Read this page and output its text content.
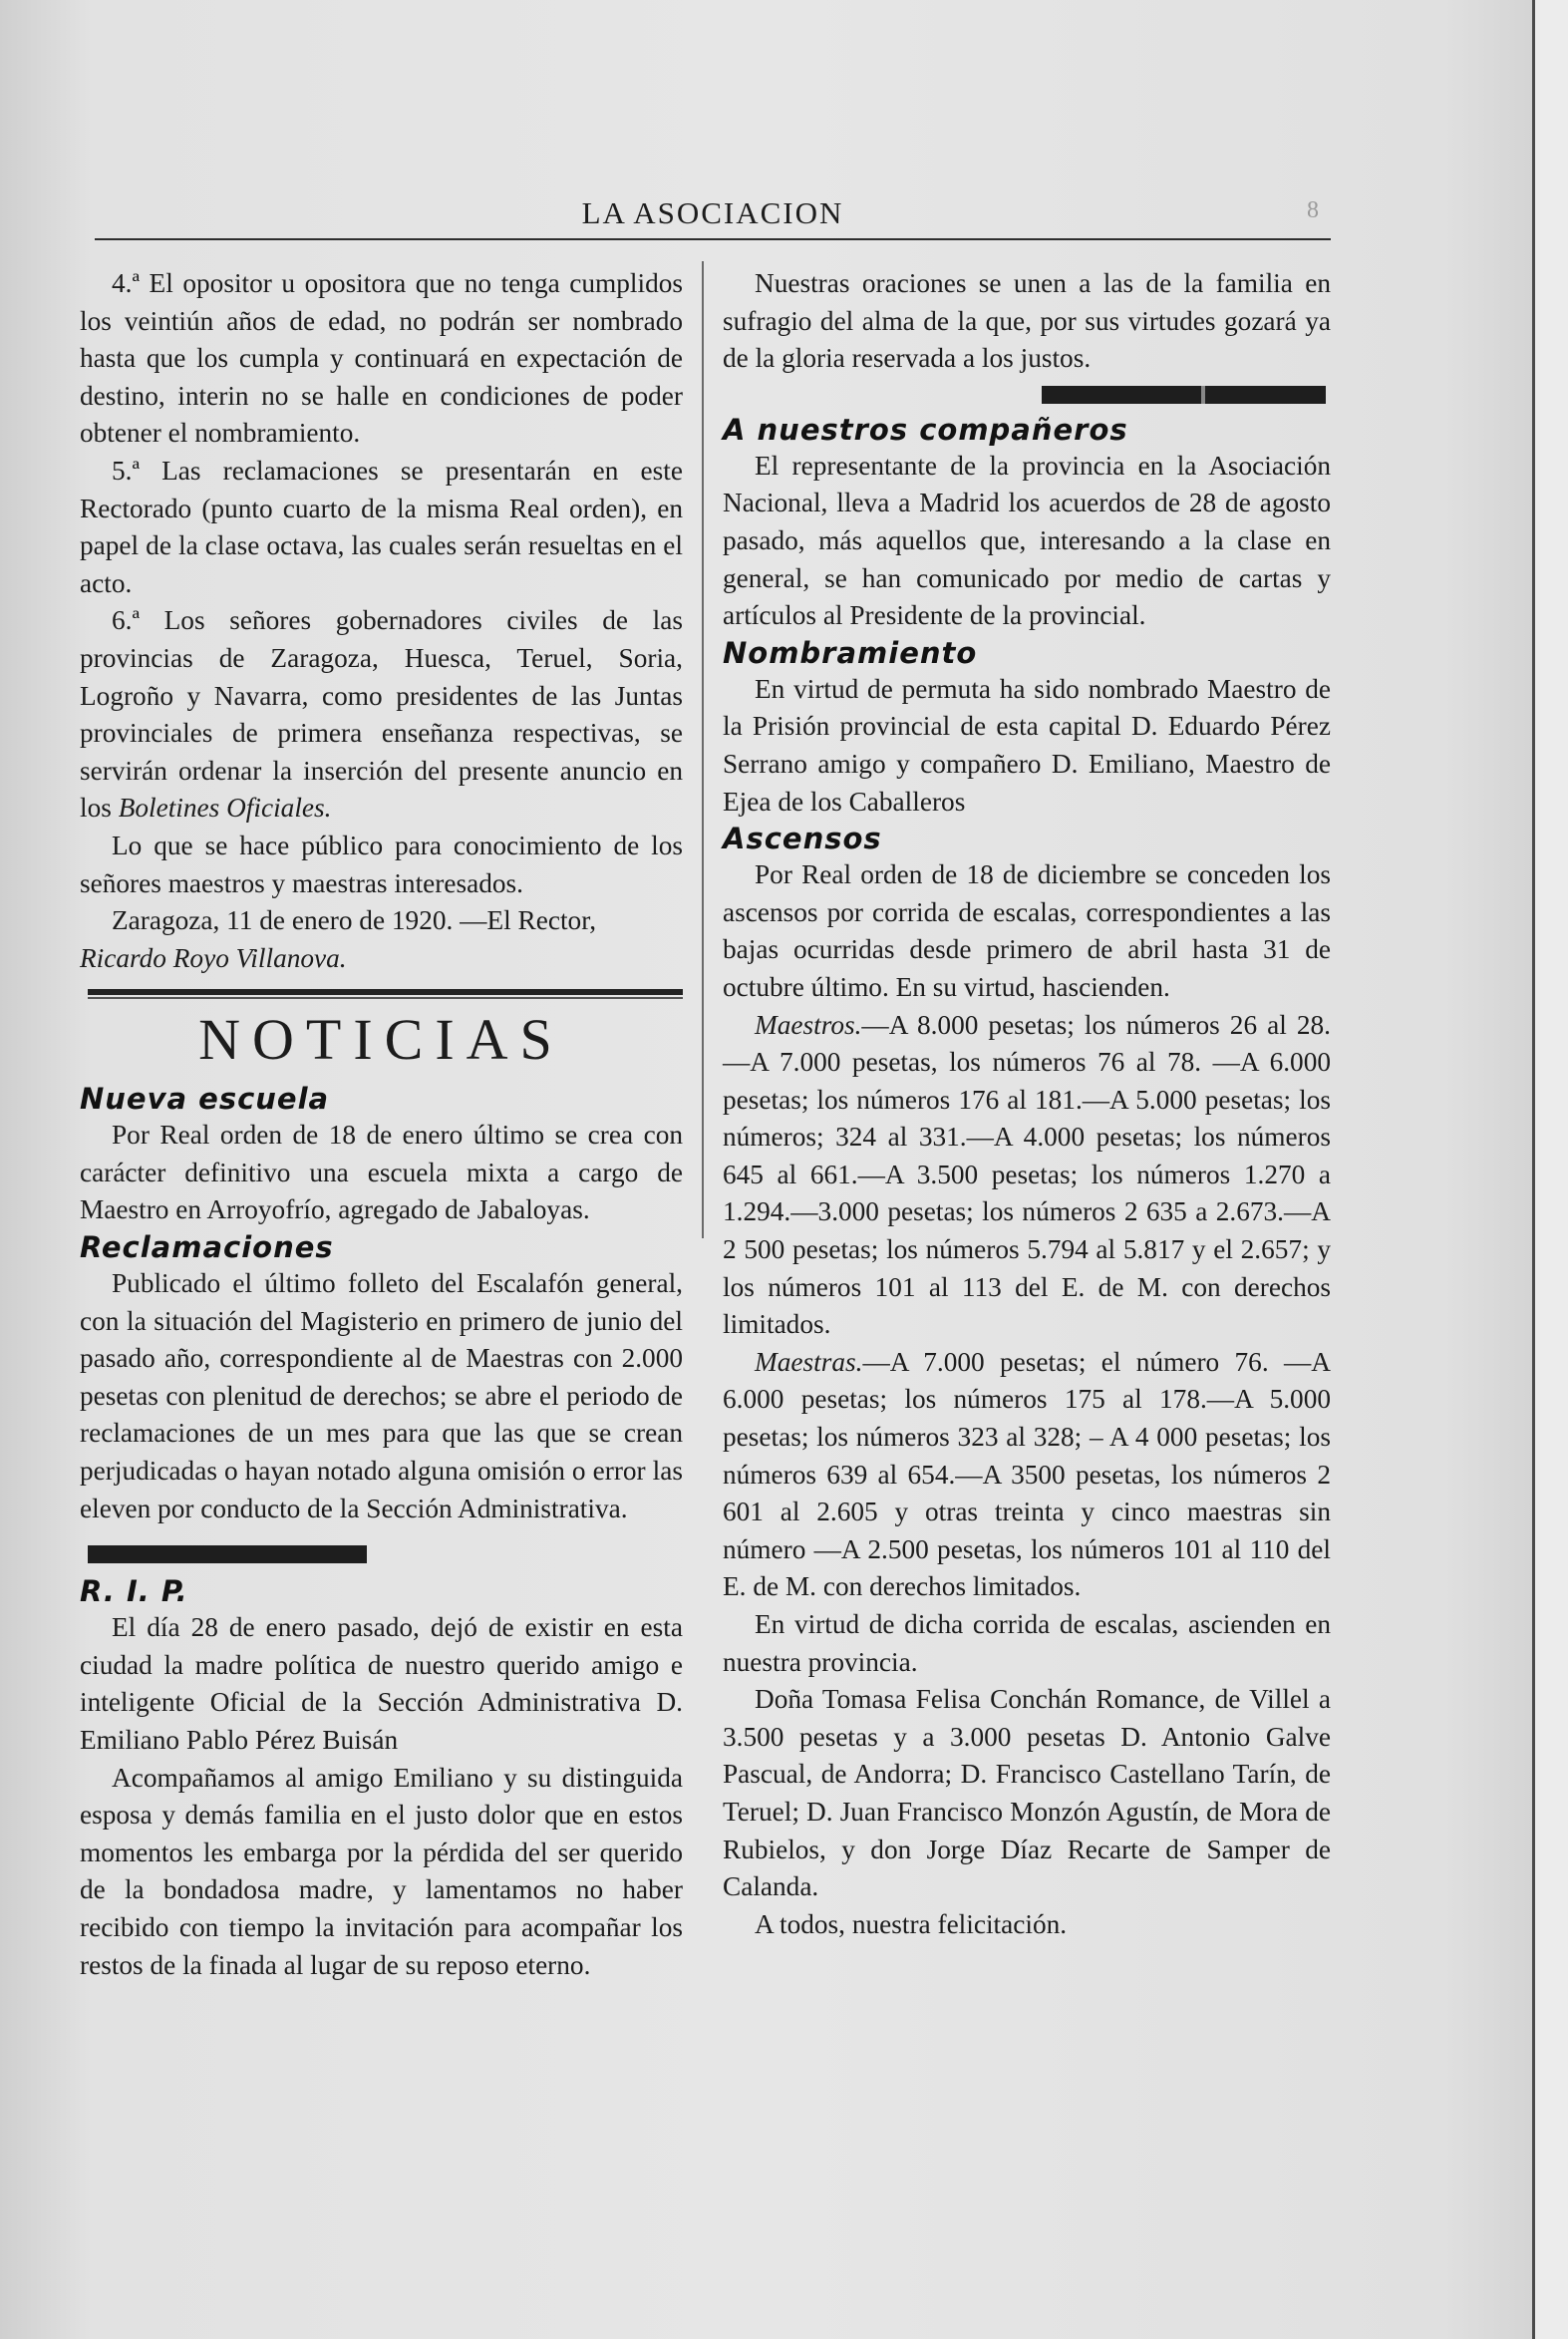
LA ASOCIACION	8

4.ª El opositor u opositora que no tenga cumplidos los veintiún años de edad, no podrán ser nombrado hasta que los cumpla y continuará en expectación de destino, interin no se halle en condiciones de poder obtener el nombramiento.

5.ª Las reclamaciones se presentarán en este Rectorado (punto cuarto de la misma Real orden), en papel de la clase octava, las cuales serán resueltas en el acto.

6.ª Los señores gobernadores civiles de las provincias de Zaragoza, Huesca, Teruel, Soria, Logroño y Navarra, como presidentes de las Juntas provinciales de primera enseñanza respectivas, se servirán ordenar la inserción del presente anuncio en los Boletines Oficiales.

Lo que se hace público para conocimiento de los señores maestros y maestras interesados.

Zaragoza, 11 de enero de 1920. —El Rector,

Ricardo Royo Villanova.

NOTICIAS
Nueva escuela

Por Real orden de 18 de enero último se crea con carácter definitivo una escuela mixta a cargo de Maestro en Arroyofrío, agregado de Jabaloyas.

Reclamaciones

Publicado el último folleto del Escalafón general, con la situación del Magisterio en primero de junio del pasado año, correspondiente al de Maestras con 2.000 pesetas con plenitud de derechos; se abre el periodo de reclamaciones de un mes para que las que se crean perjudicadas o hayan notado alguna omisión o error las eleven por conducto de la Sección Administrativa.

R. I. P.

El día 28 de enero pasado, dejó de existir en esta ciudad la madre política de nuestro querido amigo e inteligente Oficial de la Sección Administrativa D. Emiliano Pablo Pérez Buisán

Acompañamos al amigo Emiliano y su distinguida esposa y demás familia en el justo dolor que en estos momentos les embarga por la pérdida del ser querido de la bondadosa madre, y lamentamos no haber recibido con tiempo la invitación para acompañar los restos de la finada al lugar de su reposo eterno.

Nuestras oraciones se unen a las de la familia en sufragio del alma de la que, por sus virtudes gozará ya de la gloria reservada a los justos.

A nuestros compañeros

El representante de la provincia en la Asociación Nacional, lleva a Madrid los acuerdos de 28 de agosto pasado, más aquellos que, interesando a la clase en general, se han comunicado por medio de cartas y artículos al Presidente de la provincial.

Nombramiento

En virtud de permuta ha sido nombrado Maestro de la Prisión provincial de esta capital D. Eduardo Pérez Serrano amigo y compañero D. Emiliano, Maestro de Ejea de los Caballeros

Ascensos

Por Real orden de 18 de diciembre se conceden los ascensos por corrida de escalas, correspondientes a las bajas ocurridas desde primero de abril hasta 31 de octubre último. En su virtud, hascienden.

Maestros.—A 8.000 pesetas; los números 26 al 28.—A 7.000 pesetas, los números 76 al 78. —A 6.000 pesetas; los números 176 al 181.—A 5.000 pesetas; los números; 324 al 331.—A 4.000 pesetas; los números 645 al 661.—A 3.500 pesetas; los números 1.270 a 1.294.—3.000 pesetas; los números 2 635 a 2.673.—A 2 500 pesetas; los números 5.794 al 5.817 y el 2.657; y los números 101 al 113 del E. de M. con derechos limitados.

Maestras.—A 7.000 pesetas; el número 76. —A 6.000 pesetas; los números 175 al 178.—A 5.000 pesetas; los números 323 al 328; – A 4 000 pesetas; los números 639 al 654.—A 3500 pesetas, los números 2 601 al 2.605 y otras treinta y cinco maestras sin número —A 2.500 pesetas, los números 101 al 110 del E. de M. con derechos limitados.

En virtud de dicha corrida de escalas, ascienden en nuestra provincia.

Doña Tomasa Felisa Conchán Romance, de Villel a 3.500 pesetas y a 3.000 pesetas D. Antonio Galve Pascual, de Andorra; D. Francisco Castellano Tarín, de Teruel; D. Juan Francisco Monzón Agustín, de Mora de Rubielos, y don Jorge Díaz Recarte de Samper de Calanda.

A todos, nuestra felicitación.
